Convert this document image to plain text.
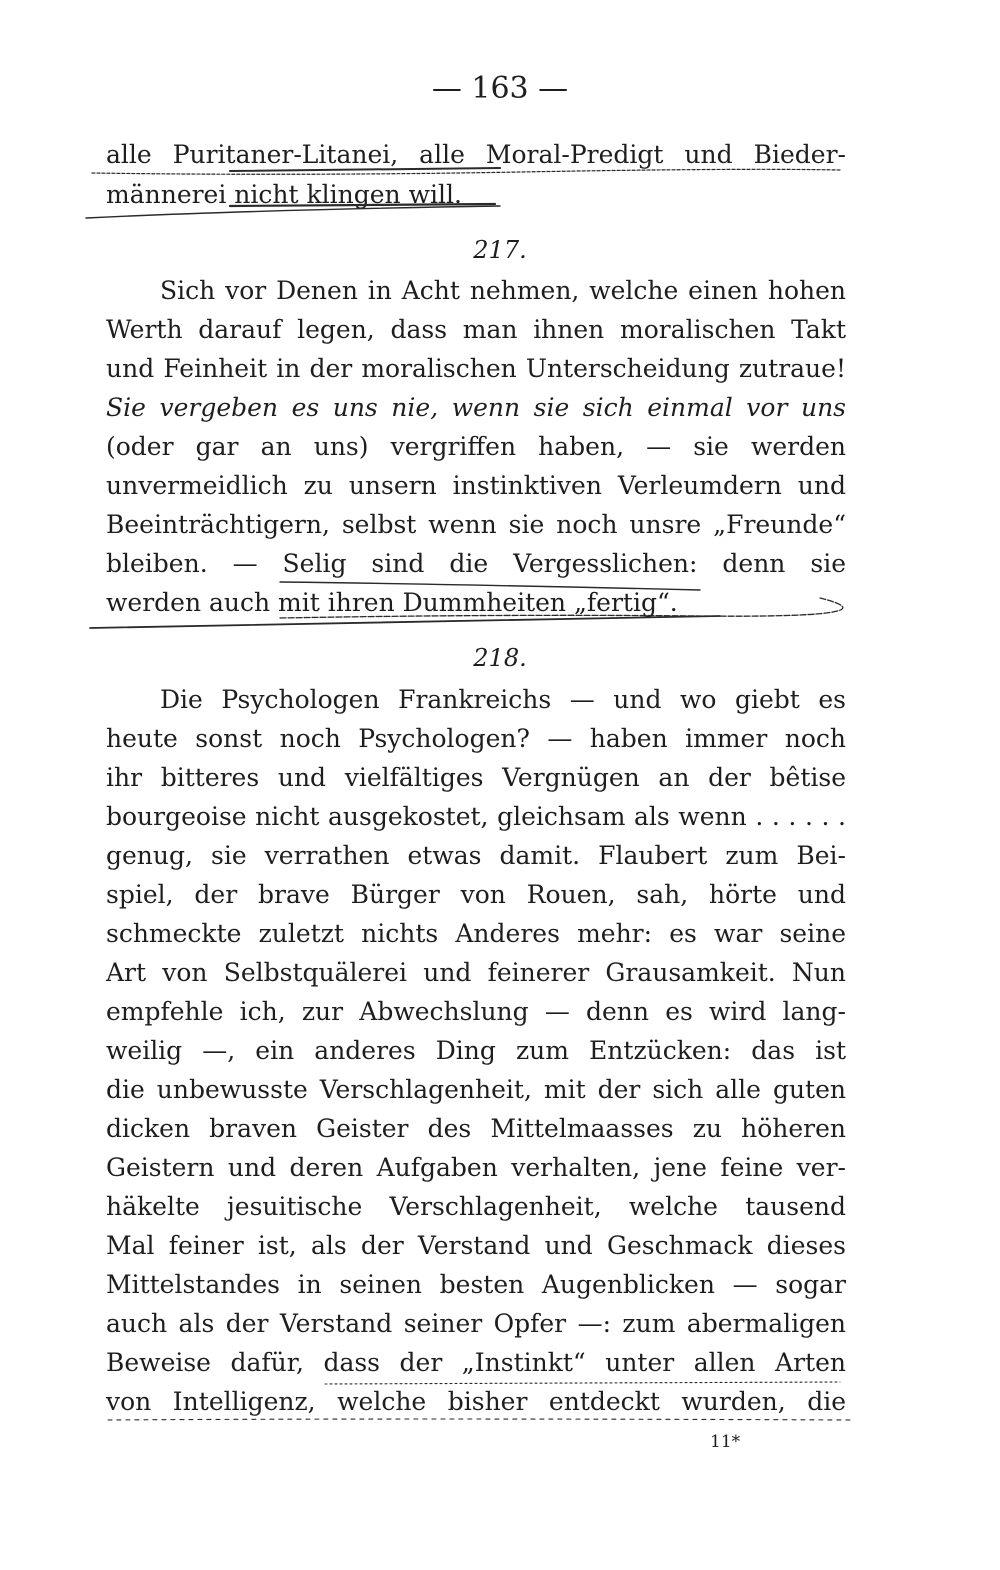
— 163 —

alle Puritaner-Litanei, alle Moral-Predigt und Bieder-

männerei nicht klingen will.

217.

Sich vor Denen in Acht nehmen, welche einen hohen

Werth darauf legen, dass man ihnen moralischen Takt

und Feinheit in der moralischen Unterscheidung zutraue!

Sie vergeben es uns nie, wenn sie sich einmal vor uns

(oder gar an uns) vergriffen haben, — sie werden

unvermeidlich zu unsern instinktiven Verleumdern und

Beeinträchtigern, selbst wenn sie noch unsre „Freunde“

bleiben. — Selig sind die Vergesslichen: denn sie

werden auch mit ihren Dummheiten „fertig“.

218.

Die Psychologen Frankreichs — und wo giebt es

heute sonst noch Psychologen? — haben immer noch

ihr bitteres und vielfältiges Vergnügen an der bêtise

bourgeoise nicht ausgekostet, gleichsam als wenn . . . . . .

genug, sie verrathen etwas damit. Flaubert zum Bei-

spiel, der brave Bürger von Rouen, sah, hörte und

schmeckte zuletzt nichts Anderes mehr: es war seine

Art von Selbstquälerei und feinerer Grausamkeit. Nun

empfehle ich, zur Abwechslung — denn es wird lang-

weilig —, ein anderes Ding zum Entzücken: das ist

die unbewusste Verschlagenheit, mit der sich alle guten

dicken braven Geister des Mittelmaasses zu höheren

Geistern und deren Aufgaben verhalten, jene feine ver-

häkelte jesuitische Verschlagenheit, welche tausend

Mal feiner ist, als der Verstand und Geschmack dieses

Mittelstandes in seinen besten Augenblicken — sogar

auch als der Verstand seiner Opfer —: zum abermaligen

Beweise dafür, dass der „Instinkt“ unter allen Arten

von Intelligenz, welche bisher entdeckt wurden, die

11*
